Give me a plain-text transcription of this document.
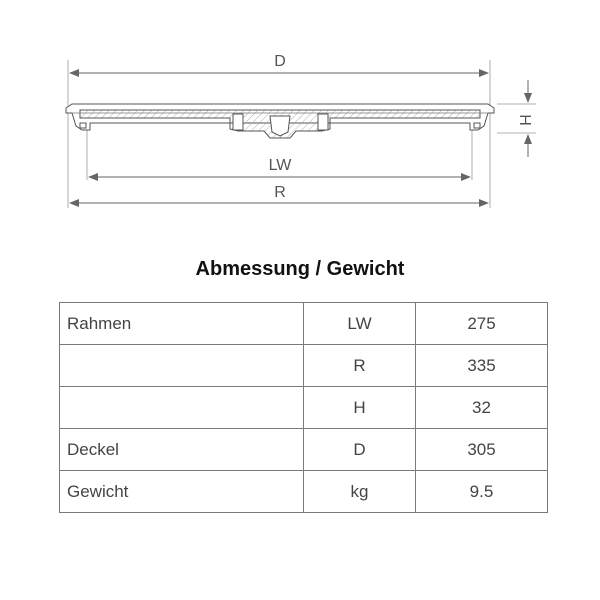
D
LW
R
H
Abmessung / Gewicht
Rahmen	LW	275
	R	335
	H	32
Deckel	D	305
Gewicht	kg	9.5
